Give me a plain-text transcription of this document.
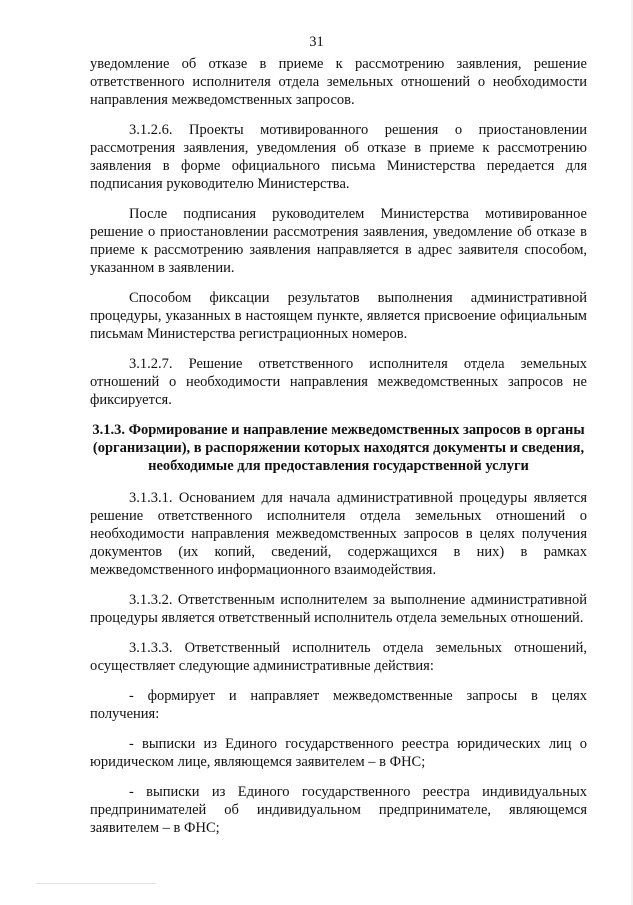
31

уведомление об отказе в приеме к рассмотрению заявления, решение ответственного исполнителя отдела земельных отношений о необходимости направления межведомственных запросов.

3.1.2.6. Проекты мотивированного решения о приостановлении рассмотрения заявления, уведомления об отказе в приеме к рассмотрению заявления в форме официального письма Министерства передается для подписания руководителю Министерства.

После подписания руководителем Министерства мотивированное решение о приостановлении рассмотрения заявления, уведомление об отказе в приеме к рассмотрению заявления направляется в адрес заявителя способом, указанном в заявлении.

Способом фиксации результатов выполнения административной процедуры, указанных в настоящем пункте, является присвоение официальным письмам Министерства регистрационных номеров.

3.1.2.7. Решение ответственного исполнителя отдела земельных отношений о необходимости направления межведомственных запросов не фиксируется.

3.1.3. Формирование и направление межведомственных запросов в органы (организации), в распоряжении которых находятся документы и сведения, необходимые для предоставления государственной услуги

3.1.3.1. Основанием для начала административной процедуры является решение ответственного исполнителя отдела земельных отношений о необходимости направления межведомственных запросов в целях получения документов (их копий, сведений, содержащихся в них) в рамках межведомственного информационного взаимодействия.

3.1.3.2. Ответственным исполнителем за выполнение административной процедуры является ответственный исполнитель отдела земельных отношений.

3.1.3.3. Ответственный исполнитель отдела земельных отношений, осуществляет следующие административные действия:

- формирует и направляет межведомственные запросы в целях получения:

- выписки из Единого государственного реестра юридических лиц о юридическом лице, являющемся заявителем – в ФНС;

- выписки из Единого государственного реестра индивидуальных предпринимателей об индивидуальном предпринимателе, являющемся заявителем – в ФНС;
